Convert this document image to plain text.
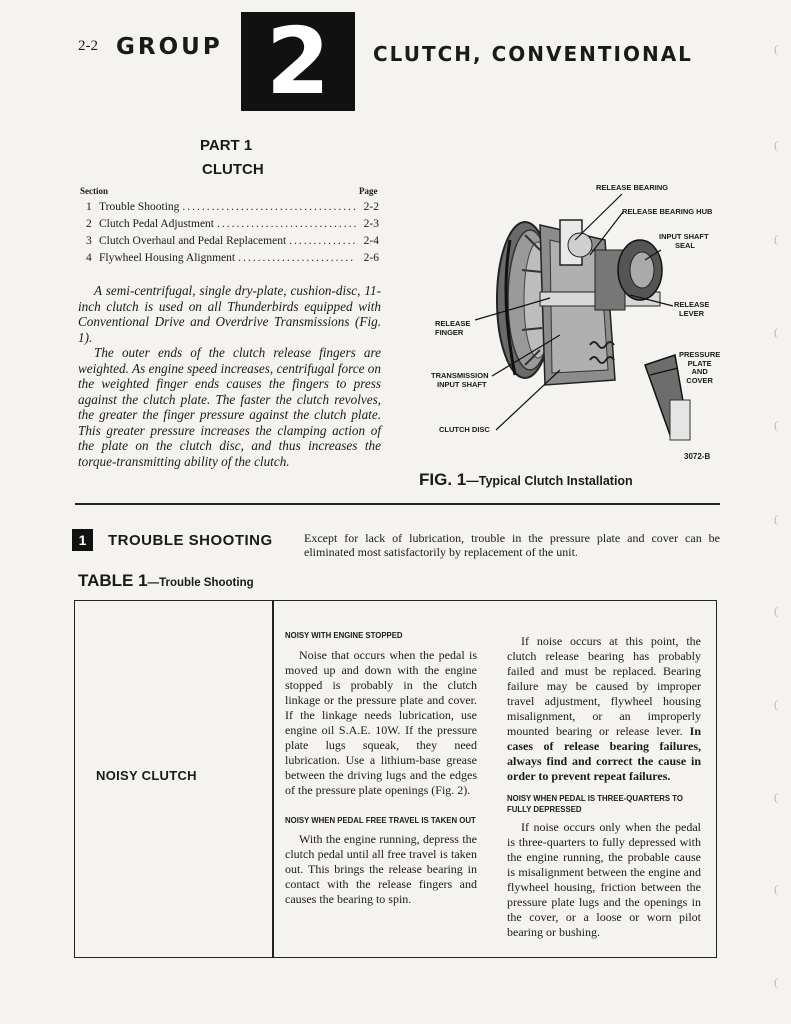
2-2 GROUP 2	CLUTCH, CONVENTIONAL
PART 1
CLUTCH
Section	Page
1 Trouble Shooting .....	2-2
2 Clutch Pedal Adjustment .....	2-3
3 Clutch Overhaul and Pedal Replacement .....	2-4
4 Flywheel Housing Alignment .....	2-6

A semi-centrifugal, single dry-plate, cushion-disc, 11-inch clutch is used on all Thunderbirds equipped with Conventional Drive and Overdrive Transmissions (Fig. 1).

The outer ends of the clutch release fingers are weighted. As engine speed increases, centrifugal force on the weighted finger ends causes the fingers to press against the clutch plate. The faster the clutch revolves, the greater the finger pressure against the clutch plate. This greater pressure increases the clamping action of the plate on the clutch disc, and thus increases the torque-transmitting ability of the clutch.

RELEASE BEARING
RELEASE BEARING HUB
INPUT SHAFT
SEAL
RELEASE
LEVER
RELEASE
FINGER
PRESSURE
PLATE
AND
COVER
TRANSMISSION
INPUT SHAFT
CLUTCH DISC
3072-B
FIG. 1—Typical Clutch Installation
1	TROUBLE SHOOTING	Except for lack of lubrication, trouble in the pressure plate and cover can be eliminated most satisfactorily by replacement of the unit.
TABLE 1—Trouble Shooting
NOISY CLUTCH

NOISY WITH ENGINE STOPPED

Noise that occurs when the pedal is moved up and down with the engine stopped is probably in the clutch linkage or the pressure plate and cover. If the linkage needs lubrication, use engine oil S.A.E. 10W. If the pressure plate lugs squeak, they need lubrication. Use a lithium-base grease between the driving lugs and the edges of the pressure plate openings (Fig. 2).

NOISY WHEN PEDAL FREE TRAVEL IS TAKEN OUT

With the engine running, depress the clutch pedal until all free travel is taken out. This brings the release bearing in contact with the release fingers and causes the bearing to spin.

If noise occurs at this point, the clutch release bearing has probably failed and must be replaced. Bearing failure may be caused by improper travel adjustment, flywheel housing misalignment, or an improperly mounted bearing or release lever. In cases of release bearing failures, always find and correct the cause in order to prevent repeat failures.

NOISY WHEN PEDAL IS THREE-QUARTERS TO FULLY DEPRESSED

If noise occurs only when the pedal is three-quarters to fully depressed with the engine running, the probable cause is misalignment between the engine and flywheel housing, friction between the pressure plate lugs and the openings in the cover, or a loose or worn pilot bearing or bushing.

(
(
(
(
(
(
(
(
(
(
(
